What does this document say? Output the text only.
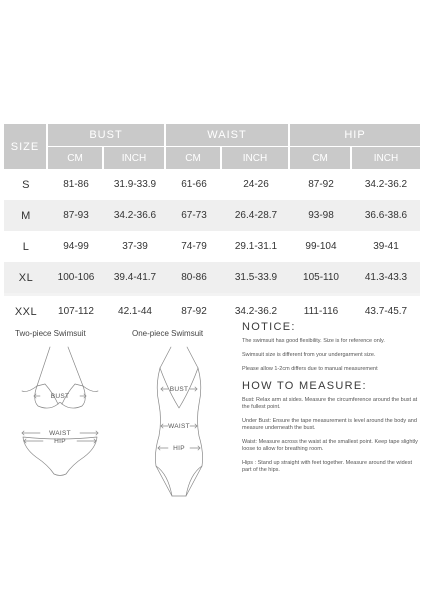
SIZE	BUST		WAIST		HIP	
	CM	INCH	CM	INCH	CM	INCH
S	81-86	31.9-33.9	61-66	24-26	87-92	34.2-36.2
M	87-93	34.2-36.6	67-73	26.4-28.7	93-98	36.6-38.6
L	94-99	37-39	74-79	29.1-31.1	99-104	39-41
XL	100-106	39.4-41.7	80-86	31.5-33.9	105-110	41.3-43.3
XXL	107-112	42.1-44	87-92	34.2-36.2	111-116	43.7-45.7
Two-piece Swimsuit
BUST
WAIST
HIP
One-piece Swimsuit
BUST
WAIST
HIP
NOTICE:
The swimsuit has good flexibility. Size is for reference only.
Swimsuit size is different from your undergarment size.
Please allow 1-2cm differs due to manual measurement
HOW TO MEASURE:
Bust: Relax arm at sides. Measure the circumference around the bust at the fullest point.
Under Bust: Ensure the tape measurement is level around the body and measure underneath the bust.
Waist: Measure across the waist at the smallest point. Keep tape slightly loose to allow for breathing room.
Hips : Stand up straight with feet together. Measure around the widest part of the hips.
